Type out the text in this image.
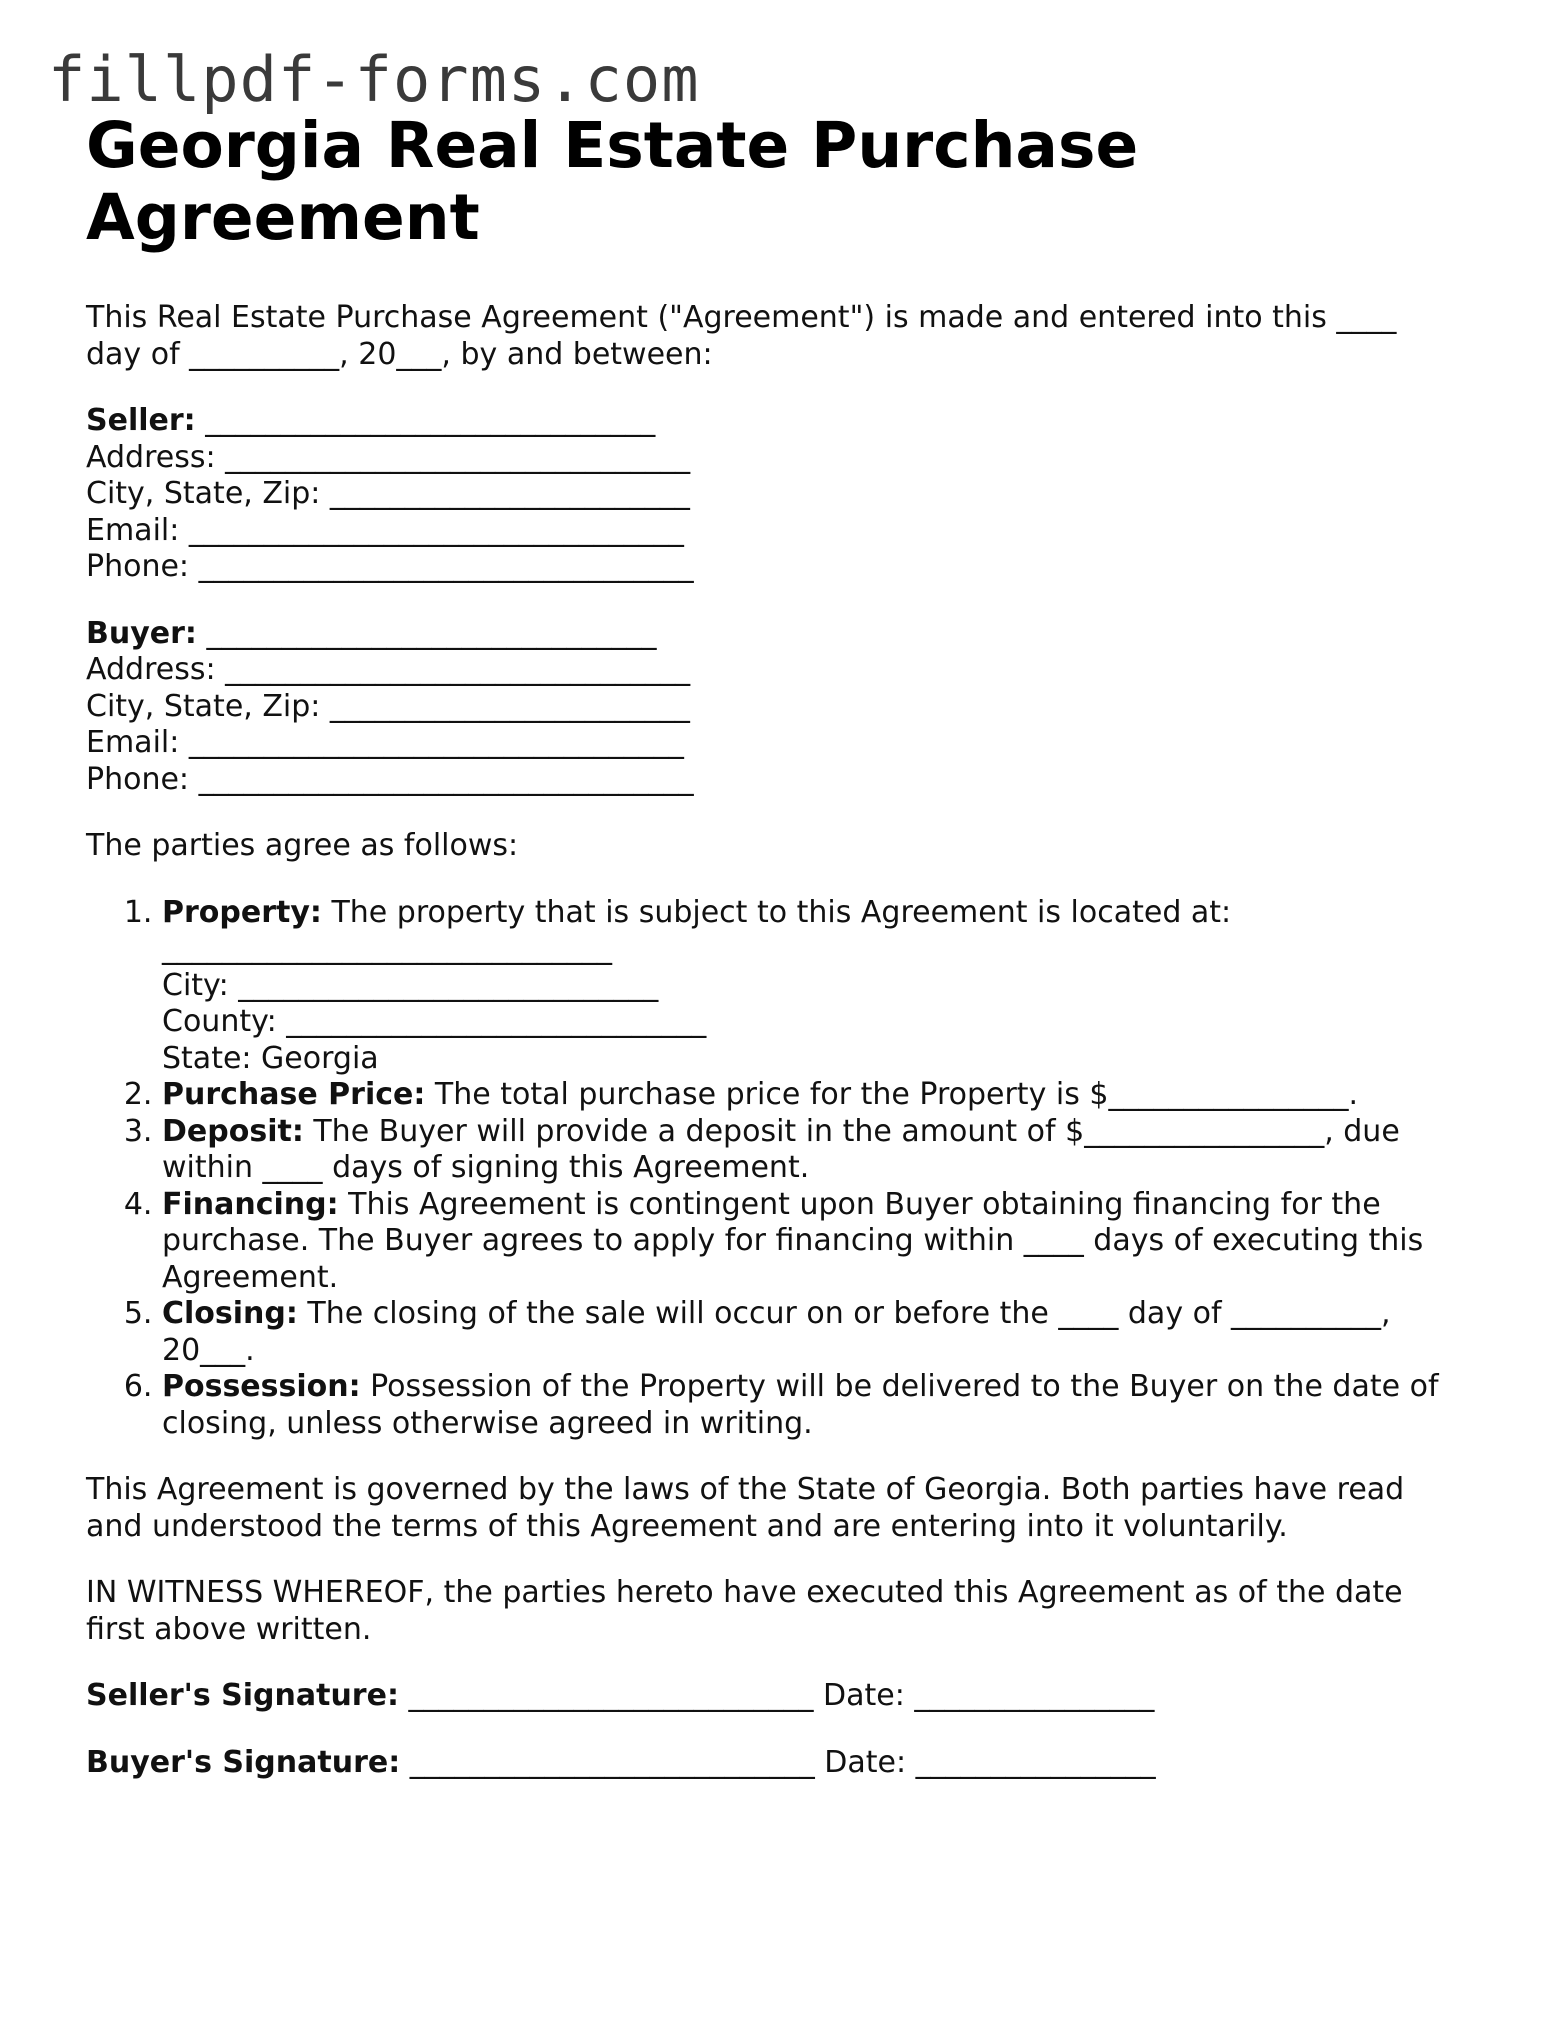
fillpdf-forms.com
Georgia Real Estate Purchase Agreement

This Real Estate Purchase Agreement ("Agreement") is made and entered into this ____ day of __________, 20___, by and between:

Seller: ______________________________
Address: _______________________________
City, State, Zip: ________________________
Email: _________________________________
Phone: _________________________________
Buyer: ______________________________
Address: _______________________________
City, State, Zip: ________________________
Email: _________________________________
Phone: _________________________________

The parties agree as follows:

1. Property: The property that is subject to this Agreement is located at:
______________________________
City: ____________________________
County: ____________________________
State: Georgia
2. Purchase Price: The total purchase price for the Property is $________________.
3. Deposit: The Buyer will provide a deposit in the amount of $________________, due within ____ days of signing this Agreement.
4. Financing: This Agreement is contingent upon Buyer obtaining financing for the purchase. The Buyer agrees to apply for financing within ____ days of executing this Agreement.
5. Closing: The closing of the sale will occur on or before the ____ day of __________, 20___.
6. Possession: Possession of the Property will be delivered to the Buyer on the date of closing, unless otherwise agreed in writing.

This Agreement is governed by the laws of the State of Georgia. Both parties have read and understood the terms of this Agreement and are entering into it voluntarily.

IN WITNESS WHEREOF, the parties hereto have executed this Agreement as of the date first above written.

Seller's Signature: ___________________________ Date: ________________
Buyer's Signature: ___________________________ Date: ________________
